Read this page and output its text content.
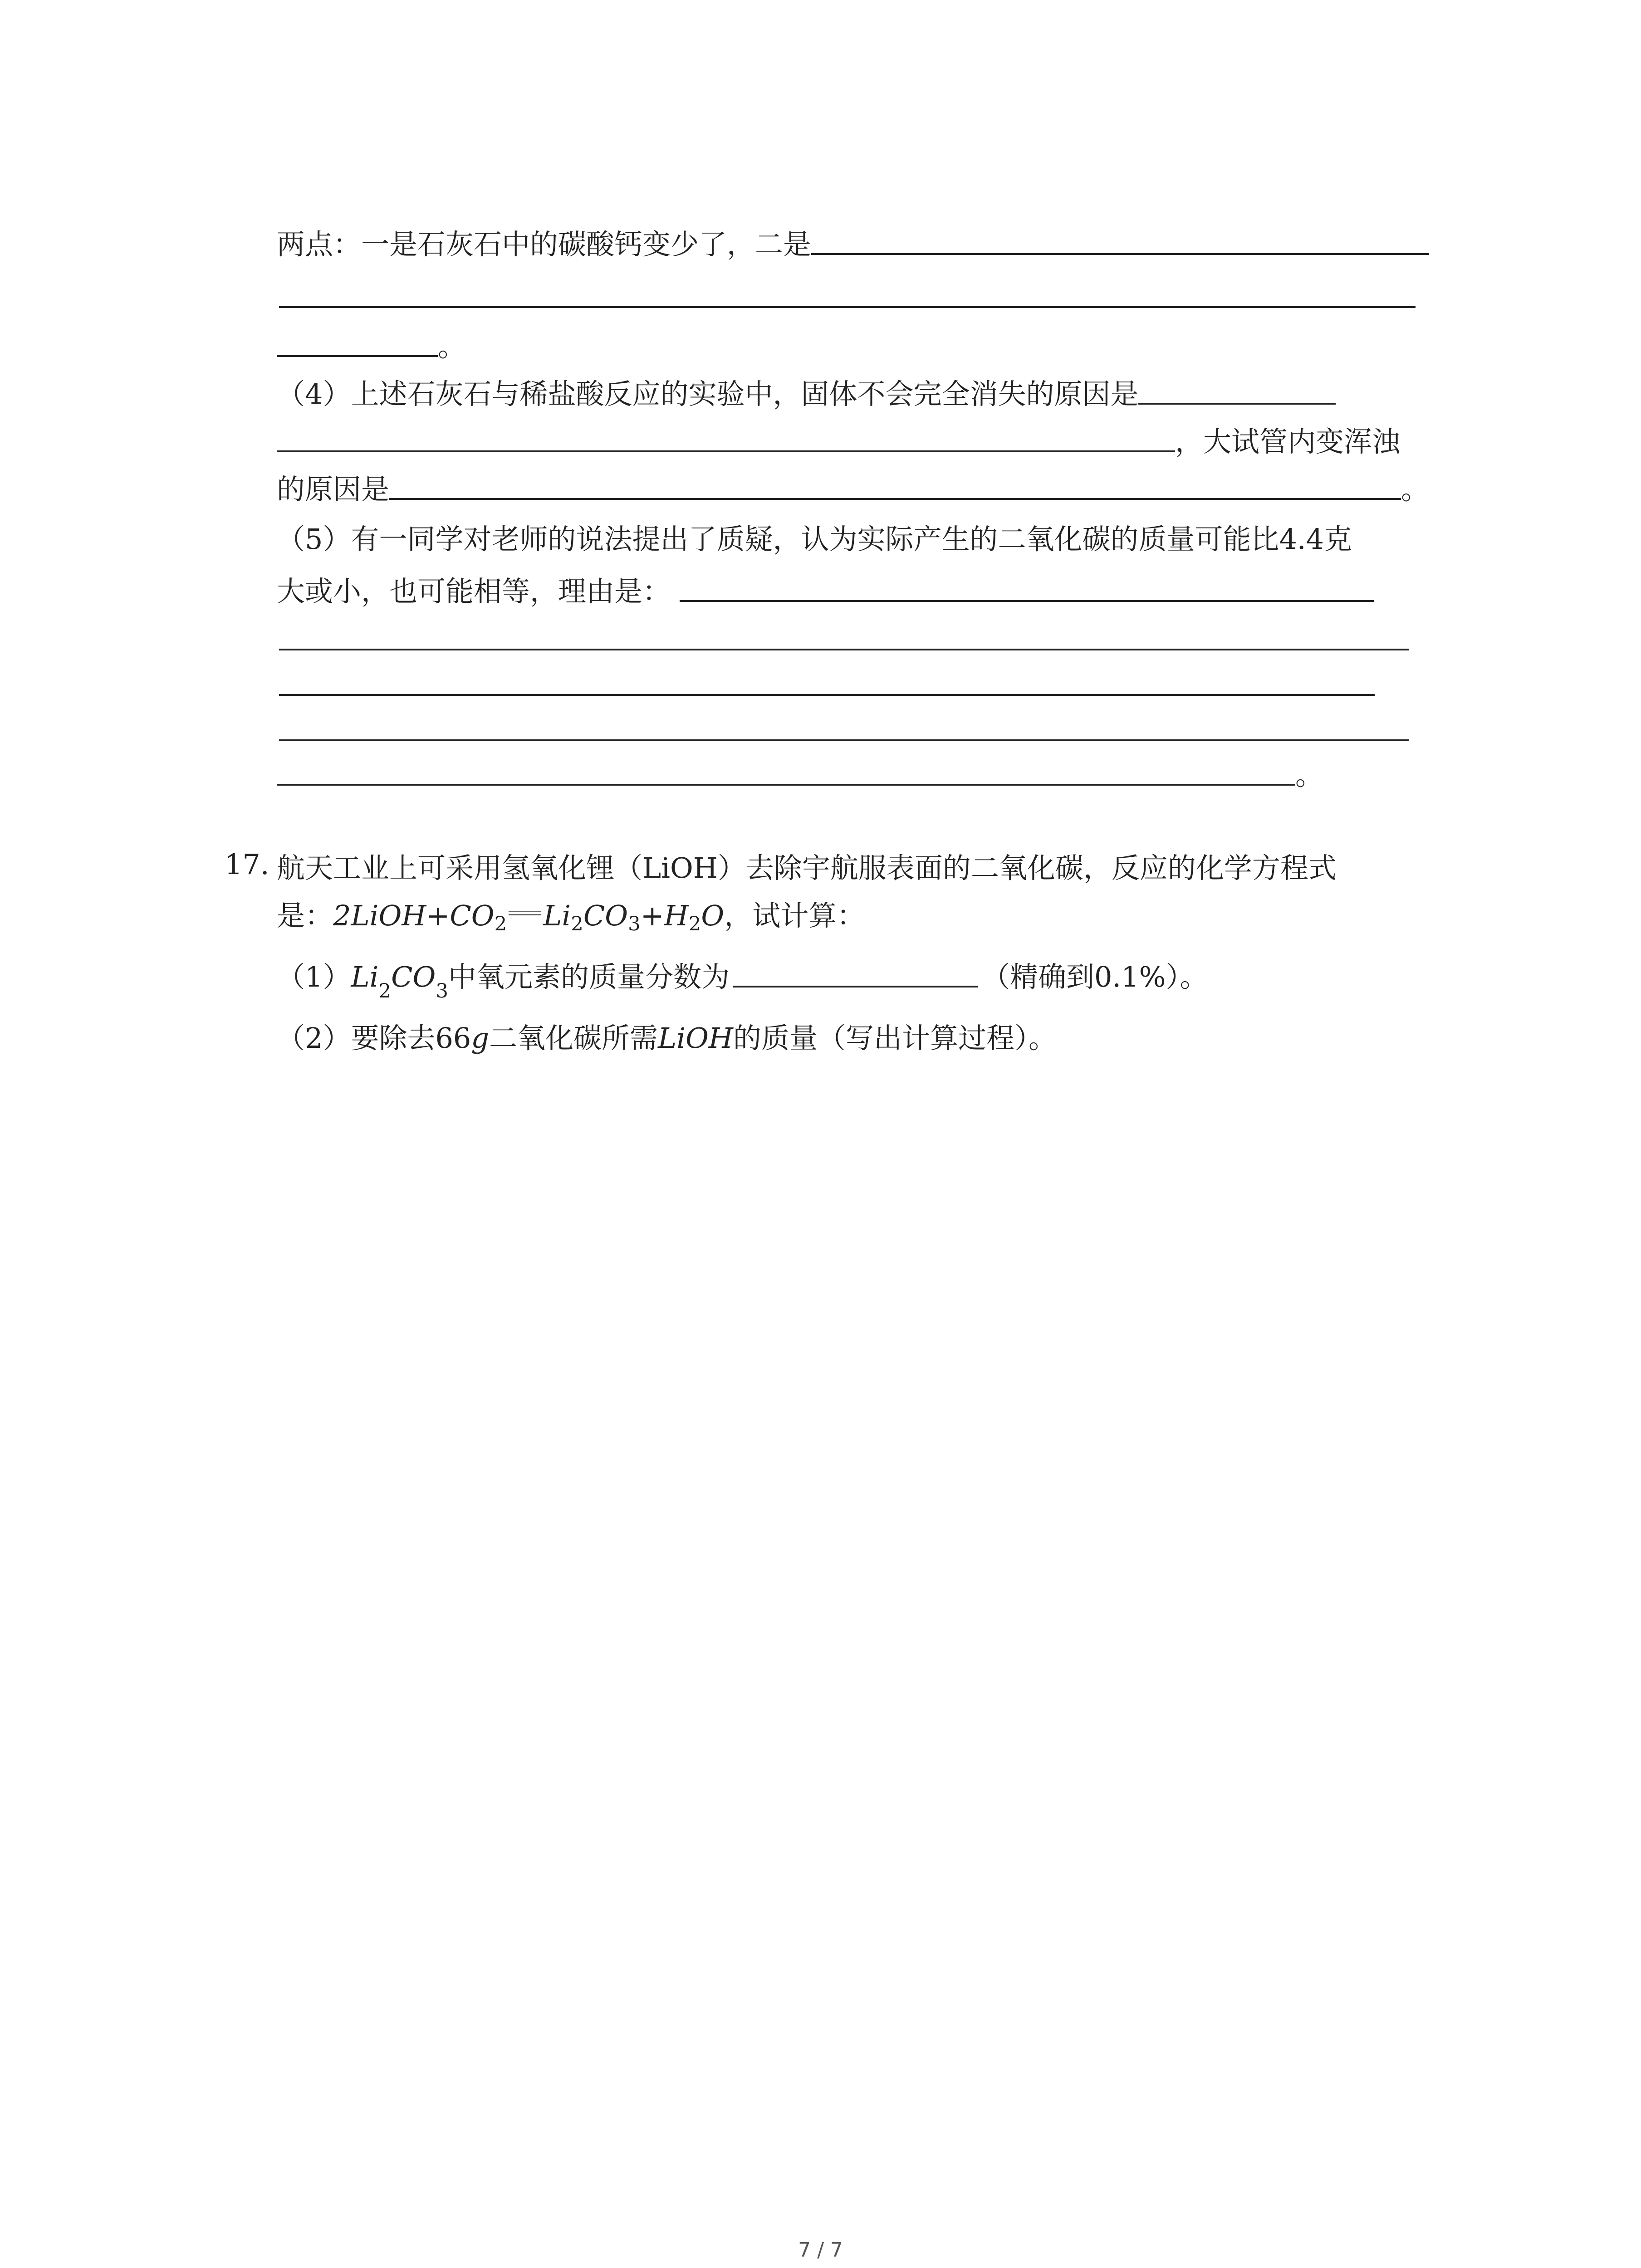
两点：一是石灰石中的碳酸钙变少了，二是
。
（4）上述石灰石与稀盐酸反应的实验中，固体不会完全消失的原因是
，大试管内变浑浊
的原因是	。
（5）有一同学对老师的说法提出了质疑，认为实际产生的二氧化碳的质量可能比4.4克
大或小，也可能相等，理由是：
。
17. 航天工业上可采用氢氧化锂（LiOH）去除宇航服表面的二氧化碳，反应的化学方程式
是： $2LiOH+CO_2$ $Li_2CO_3+H_2O$ ，试计算：
（1） Li 2 CO 3 中氧元素的质量分数为	（精确到0.1%）。
（2）要除去66 g 二氧化碳所需 LiOH 的质量（写出计算过程）。
7 / 7
